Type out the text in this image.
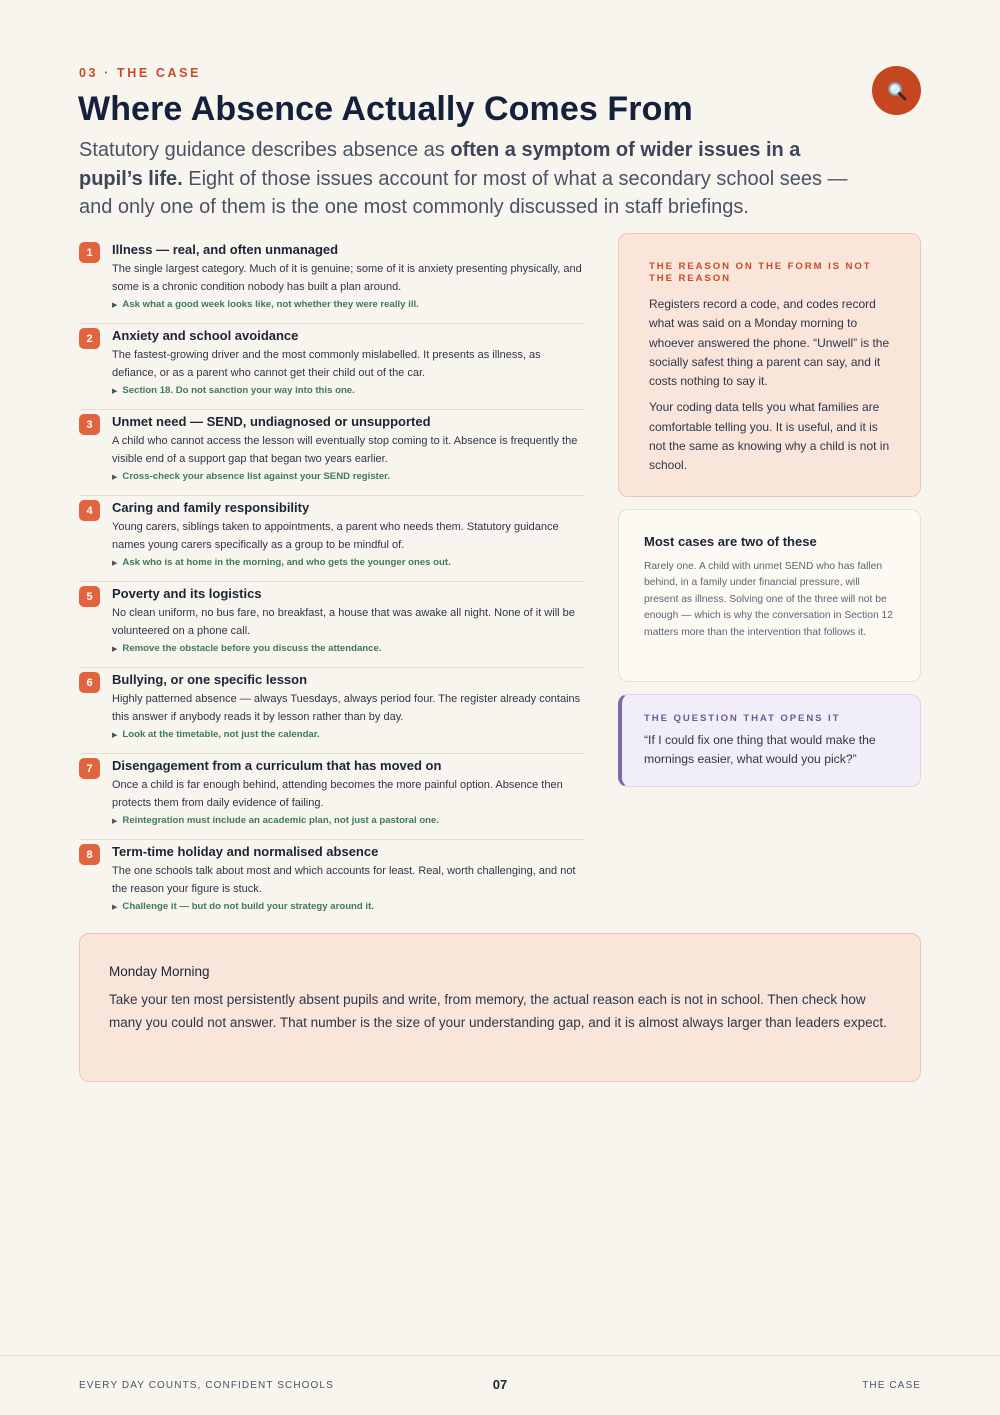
03 · THE CASE
Where Absence Actually Comes From

Statutory guidance describes absence as often a symptom of wider issues in a pupil’s life. Eight of those issues account for most of what a secondary school sees — and only one of them is the one most commonly discussed in staff briefings.

1	Illness — real, and often unmanaged
The single largest category. Much of it is genuine; some of it is anxiety presenting physically, and some is a chronic condition nobody has built a plan around.
▶ Ask what a good week looks like, not whether they were really ill.
2	Anxiety and school avoidance
The fastest-growing driver and the most commonly mislabelled. It presents as illness, as defiance, or as a parent who cannot get their child out of the car.
▶ Section 18. Do not sanction your way into this one.
3	Unmet need — SEND, undiagnosed or unsupported
A child who cannot access the lesson will eventually stop coming to it. Absence is frequently the visible end of a support gap that began two years earlier.
▶ Cross-check your absence list against your SEND register.
4	Caring and family responsibility
Young carers, siblings taken to appointments, a parent who needs them. Statutory guidance names young carers specifically as a group to be mindful of.
▶ Ask who is at home in the morning, and who gets the younger ones out.
5	Poverty and its logistics
No clean uniform, no bus fare, no breakfast, a house that was awake all night. None of it will be volunteered on a phone call.
▶ Remove the obstacle before you discuss the attendance.
6	Bullying, or one specific lesson
Highly patterned absence — always Tuesdays, always period four. The register already contains this answer if anybody reads it by lesson rather than by day.
▶ Look at the timetable, not just the calendar.
7	Disengagement from a curriculum that has moved on
Once a child is far enough behind, attending becomes the more painful option. Absence then protects them from daily evidence of failing.
▶ Reintegration must include an academic plan, not just a pastoral one.
8	Term-time holiday and normalised absence
The one schools talk about most and which accounts for least. Real, worth challenging, and not the reason your figure is stuck.
▶ Challenge it — but do not build your strategy around it.
THE REASON ON THE FORM IS NOT THE REASON

Registers record a code, and codes record what was said on a Monday morning to whoever answered the phone. “Unwell” is the socially safest thing a parent can say, and it costs nothing to say it.

Your coding data tells you what families are comfortable telling you. It is useful, and it is not the same as knowing why a child is not in school.

Most cases are two of these

Rarely one. A child with unmet SEND who has fallen behind, in a family under financial pressure, will present as illness. Solving one of the three will not be enough — which is why the conversation in Section 12 matters more than the intervention that follows it.

THE QUESTION THAT OPENS IT

“If I could fix one thing that would make the mornings easier, what would you pick?”

Monday Morning

Take your ten most persistently absent pupils and write, from memory, the actual reason each is not in school. Then check how many you could not answer. That number is the size of your understanding gap, and it is almost always larger than leaders expect.

EVERY DAY COUNTS, CONFIDENT SCHOOLS	07	THE CASE
